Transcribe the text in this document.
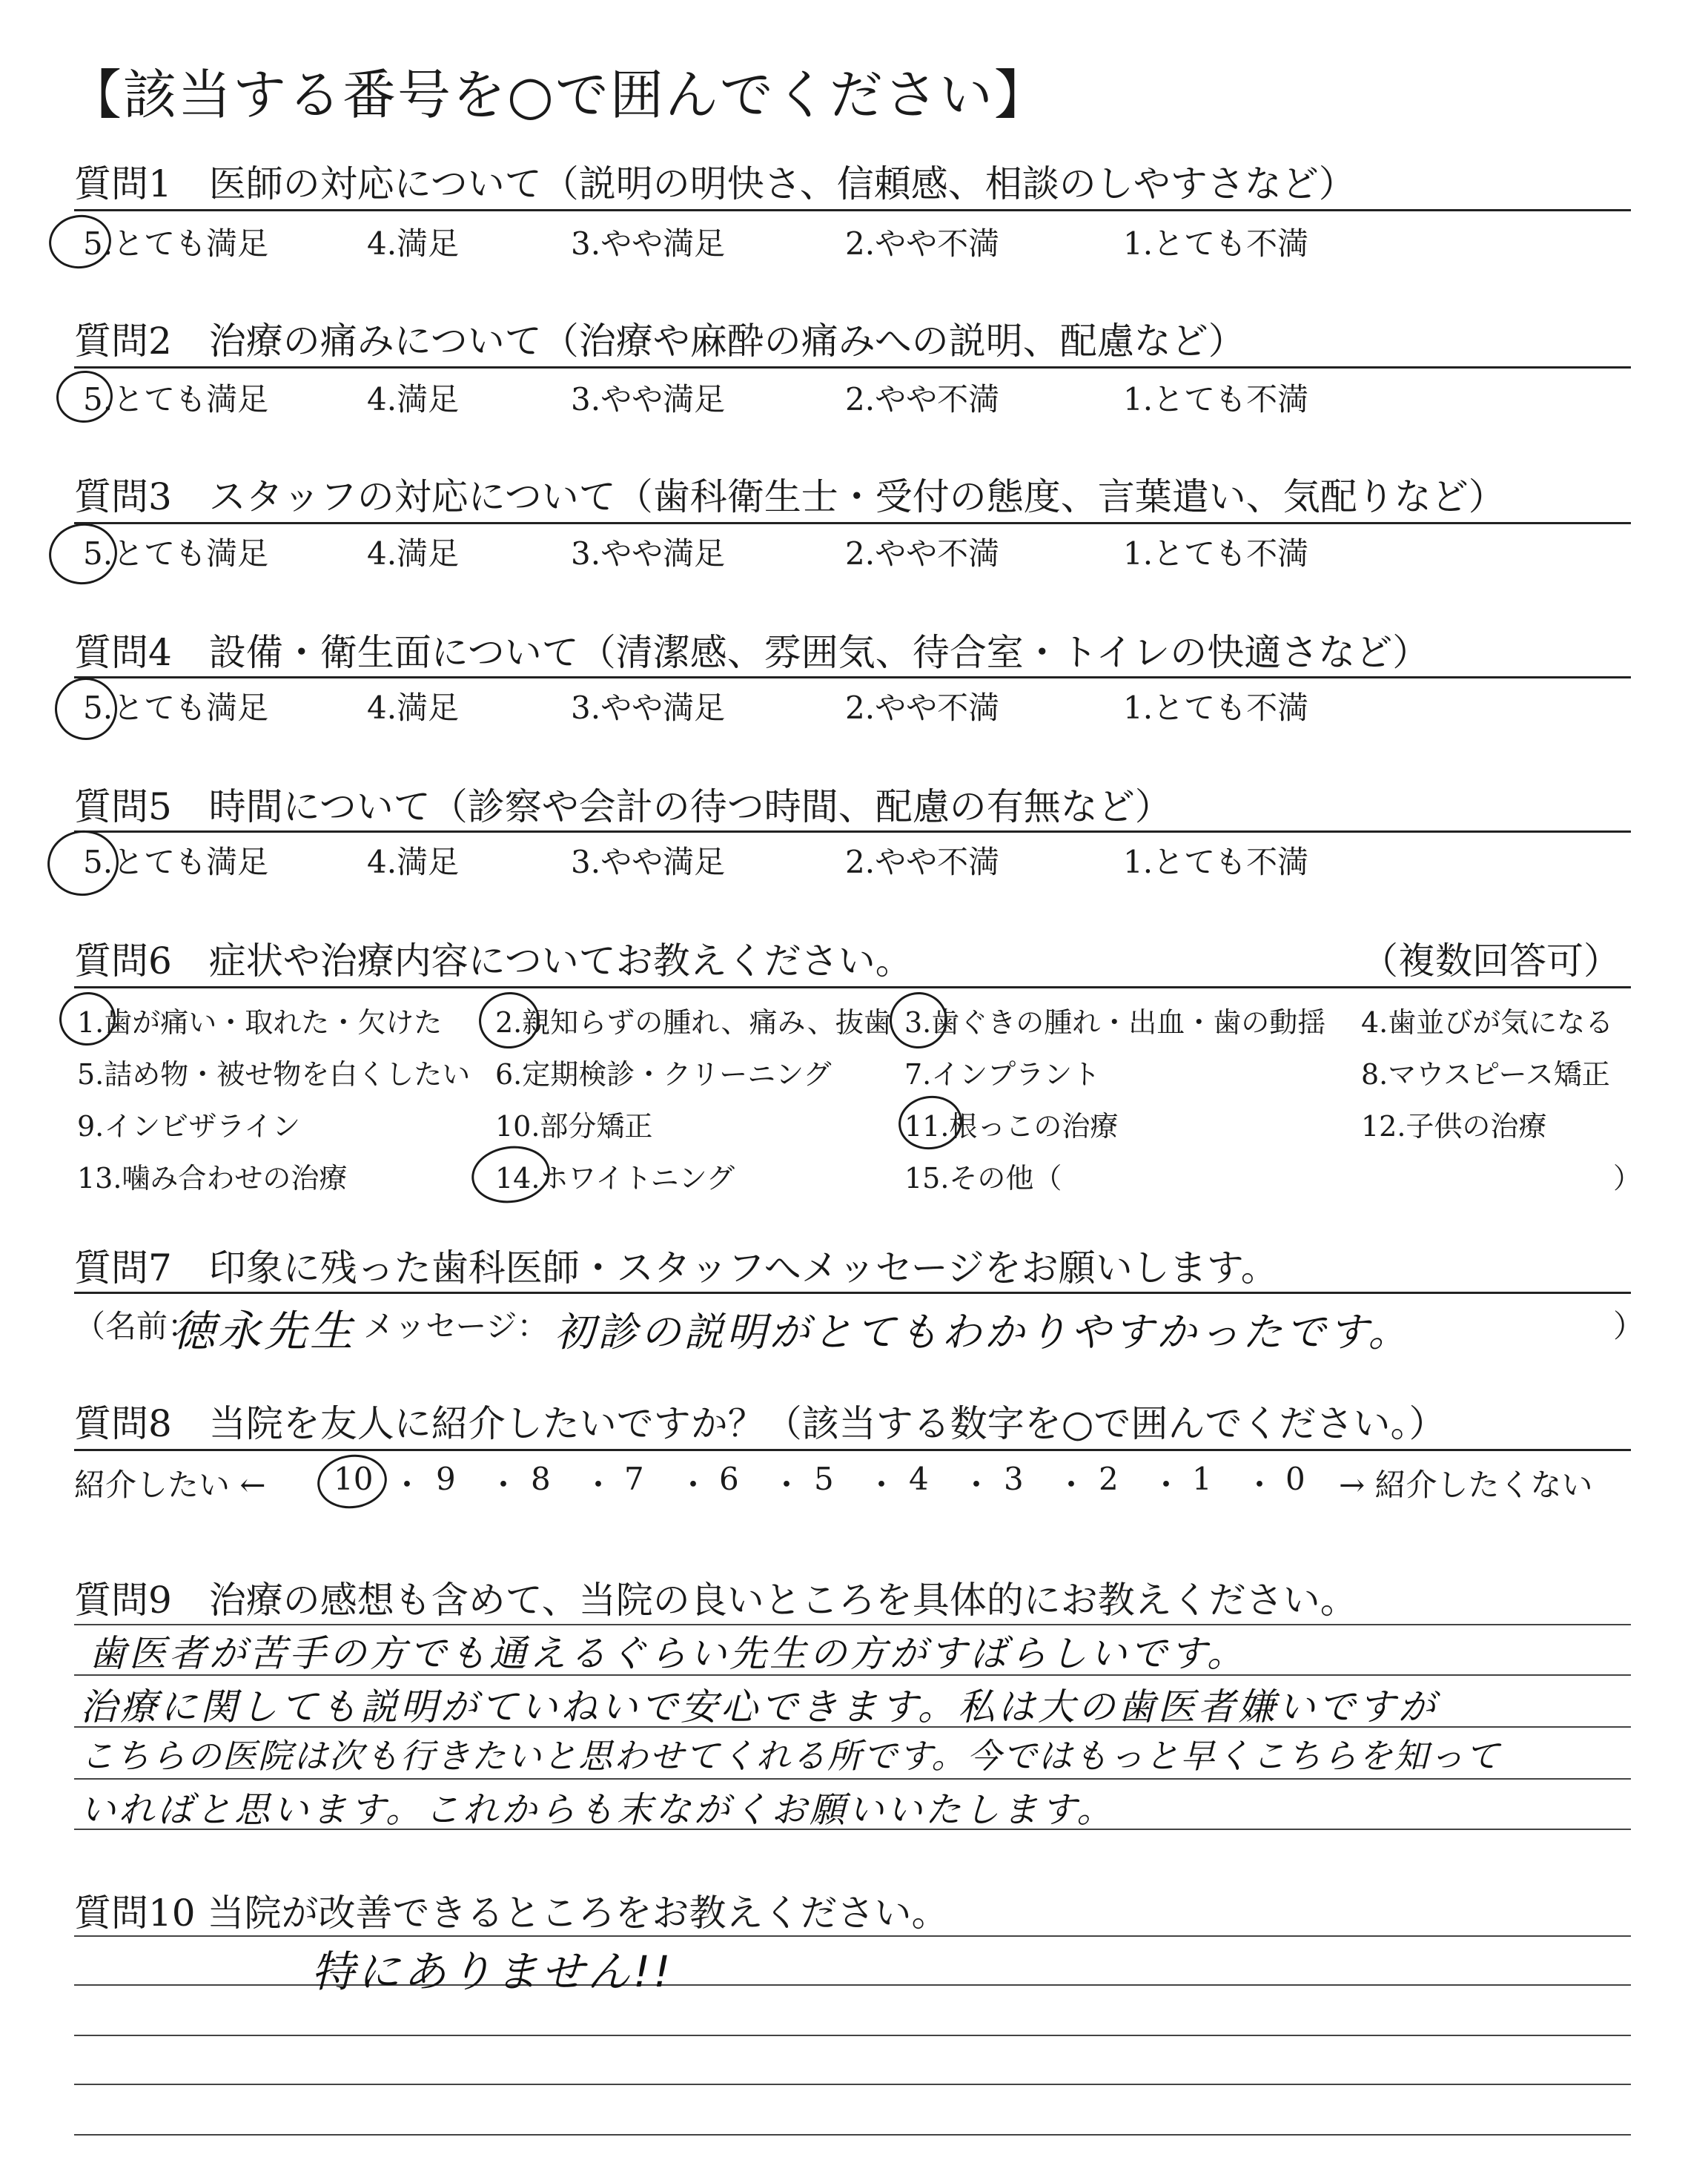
【該当する番号を○で囲んでください】
質問1　医師の対応について（説明の明快さ、信頼感、相談のしやすさなど）
5.とても満足	4.満足	3.やや満足	2.やや不満	1.とても不満
質問2　治療の痛みについて（治療や麻酔の痛みへの説明、配慮など）
5.とても満足	4.満足	3.やや満足	2.やや不満	1.とても不満
質問3　スタッフの対応について（歯科衛生士・受付の態度、言葉遣い、気配りなど）
5.とても満足	4.満足	3.やや満足	2.やや不満	1.とても不満
質問4　設備・衛生面について（清潔感、雰囲気、待合室・トイレの快適さなど）
5.とても満足	4.満足	3.やや満足	2.やや不満	1.とても不満
質問5　時間について（診察や会計の待つ時間、配慮の有無など）
5.とても満足	4.満足	3.やや満足	2.やや不満	1.とても不満
質問6　症状や治療内容についてお教えください。	（複数回答可）
1.歯が痛い・取れた・欠けた 2.親知らずの腫れ、痛み、抜歯 3.歯ぐきの腫れ・出血・歯の動揺 4.歯並びが気になる
5.詰め物・被せ物を白くしたい 6.定期検診・クリーニング	7.インプラント	8.マウスピース矯正
9.インビザライン	10.部分矯正	11.根っこの治療	12.子供の治療
13.噛み合わせの治療	14.ホワイトニング	15.その他（	）
質問7　印象に残った歯科医師・スタッフへメッセージをお願いします。
（名前：
徳永先生 メッセージ： 初診の説明がとてもわかりやすかったです。	）
質問8　当院を友人に紹介したいですか？（該当する数字を○で囲んでください。）
紹介したい ← 10 ・ 9 ・ 8 ・ 7 ・ 6 ・ 5 ・ 4 ・ 3 ・ 2 ・ 1 ・ 0 → 紹介したくない
質問9　治療の感想も含めて、当院の良いところを具体的にお教えください。
歯医者が苦手の方でも通えるぐらい先生の方がすばらしいです。
治療に関しても説明がていねいで安心できます。私は大の歯医者嫌いですが
こちらの医院は次も行きたいと思わせてくれる所です。今ではもっと早くこちらを知って
いればと思います。これからも末ながくお願いいたします。
質問10 当院が改善できるところをお教えください。
特にありません!!
